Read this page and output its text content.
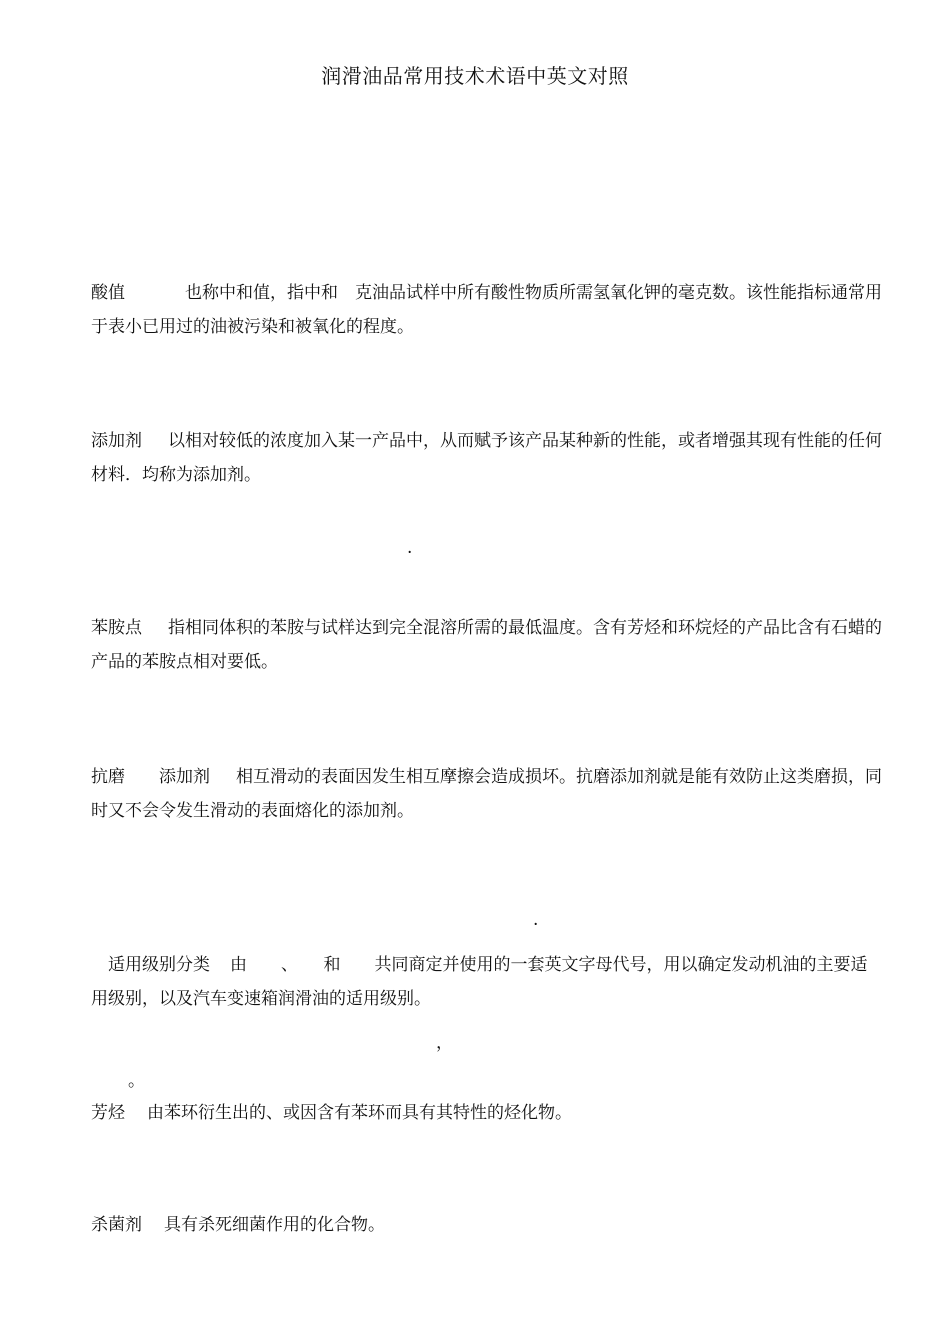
润滑油品常用技术术语中英文对照
酸值	也称中和值，指中和　克油品试样中所有酸性物质所需氢氧化钾的毫克数。该性能指标通常用于表小已用过的油被污染和被氧化的程度。
添加剂 以相对较低的浓度加入某一产品中，从而赋予该产品某种新的性能，或者增强其现有性能的任何材料．均称为添加剂。
·
苯胺点 指相同体积的苯胺与试样达到完全混溶所需的最低温度。含有芳烃和环烷烃的产品比含有石蜡的产品的苯胺点相对要低。
抗磨　　添加剂 相互滑动的表面因发生相互摩擦会造成损坏。抗磨添加剂就是能有效防止这类磨损，同时又不会令发生滑动的表面熔化的添加剂。
·
　适用级别分类 由　　、　　和　　共同商定并使用的一套英文字母代号，用以确定发动机油的主要适用级别，以及汽车变速箱润滑油的适用级别。
，
。
芳烃 由苯环衍生出的、或因含有苯环而具有其特性的烃化物。
杀菌剂 具有杀死细菌作用的化合物。
